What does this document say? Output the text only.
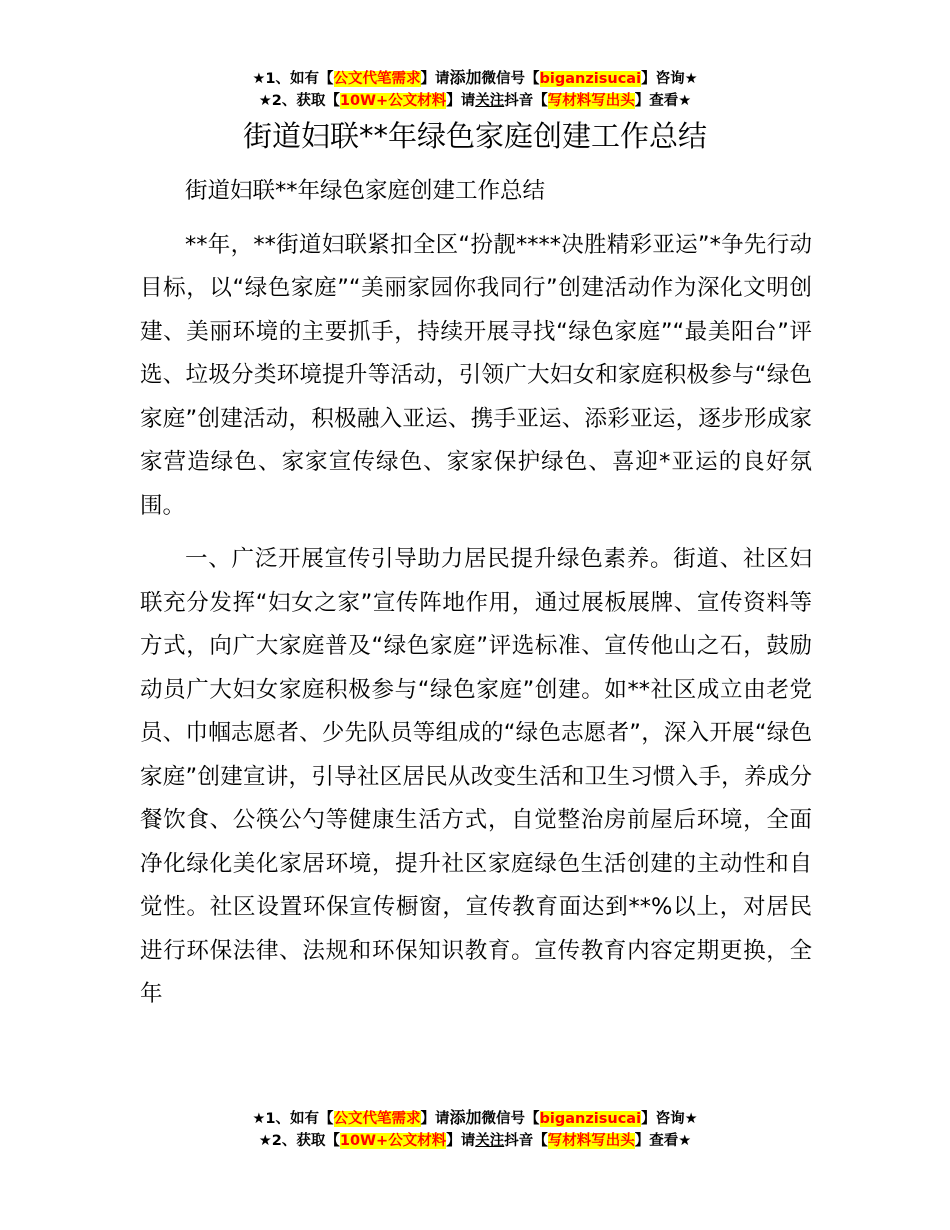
★1、如有【公文代笔需求】请添加微信号【biganzisucai】咨询★
★2、获取【10W+公文材料】请关注抖音【写材料写出头】查看★
街道妇联**年绿色家庭创建工作总结

街道妇联**年绿色家庭创建工作总结

**年，**街道妇联紧扣全区“扮靓****决胜精彩亚运”*争先行动目标，以“绿色家庭”“美丽家园你我同行”创建活动作为深化文明创建、美丽环境的主要抓手，持续开展寻找“绿色家庭”“最美阳台”评选、垃圾分类环境提升等活动，引领广大妇女和家庭积极参与“绿色家庭”创建活动，积极融入亚运、携手亚运、添彩亚运，逐步形成家家营造绿色、家家宣传绿色、家家保护绿色、喜迎*亚运的良好氛围。

一、广泛开展宣传引导助力居民提升绿色素养。街道、社区妇联充分发挥“妇女之家”宣传阵地作用，通过展板展牌、宣传资料等方式，向广大家庭普及“绿色家庭”评选标准、宣传他山之石，鼓励动员广大妇女家庭积极参与“绿色家庭”创建。如**社区成立由老党员、巾帼志愿者、少先队员等组成的“绿色志愿者”，深入开展“绿色家庭”创建宣讲，引导社区居民从改变生活和卫生习惯入手，养成分餐饮食、公筷公勺等健康生活方式，自觉整治房前屋后环境，全面净化绿化美化家居环境，提升社区家庭绿色生活创建的主动性和自觉性。社区设置环保宣传橱窗，宣传教育面达到**%以上，对居民进行环保法律、法规和环保知识教育。宣传教育内容定期更换，全年

★1、如有【公文代笔需求】请添加微信号【biganzisucai】咨询★
★2、获取【10W+公文材料】请关注抖音【写材料写出头】查看★
